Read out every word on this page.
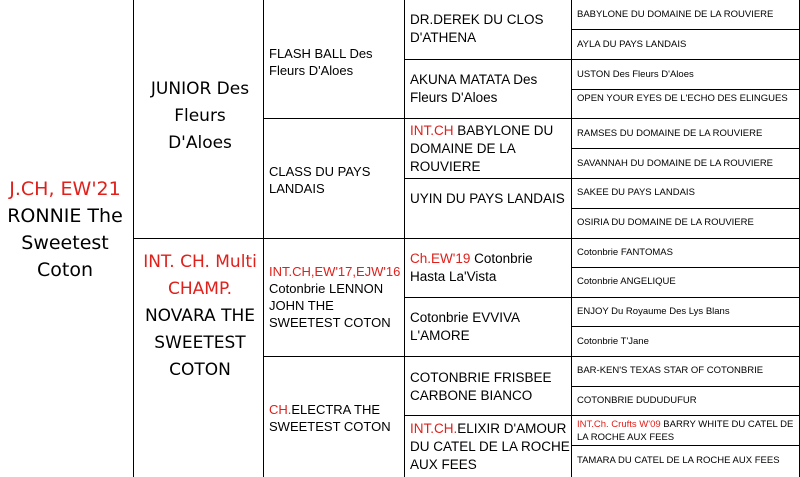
J.CH, EW'21
RONNIE The Sweetest Coton
JUNIOR Des Fleurs D'Aloes
INT. CH. Multi CHAMP. NOVARA THE SWEETEST COTON
FLASH BALL Des Fleurs D'Aloes
CLASS DU PAYS LANDAIS
INT.CH,EW'17,EJW'16 Cotonbrie LENNON JOHN THE SWEETEST COTON
CH.ELECTRA THE SWEETEST COTON
DR.DEREK DU CLOS D'ATHENA
AKUNA MATATA Des Fleurs D'Aloes
INT.CH BABYLONE DU DOMAINE DE LA ROUVIERE
UYIN DU PAYS LANDAIS
Ch.EW'19 Cotonbrie Hasta La'Vista
Cotonbrie EVVIVA L'AMORE
COTONBRIE FRISBEE CARBONE BIANCO
INT.CH.ELIXIR D'AMOUR DU CATEL DE LA ROCHE AUX FEES
BABYLONE DU DOMAINE DE LA ROUVIERE
AYLA DU PAYS LANDAIS
USTON Des Fleurs D'Aloes
OPEN YOUR EYES DE L'ECHO DES ELINGUES
RAMSES DU DOMAINE DE LA ROUVIERE
SAVANNAH DU DOMAINE DE LA ROUVIERE
SAKEE DU PAYS LANDAIS
OSIRIA DU DOMAINE DE LA ROUVIERE
Cotonbrie FANTOMAS
Cotonbrie ANGELIQUE
ENJOY Du Royaume Des Lys Blans
Cotonbrie T'Jane
BAR-KEN'S TEXAS STAR OF COTONBRIE
COTONBRIE DUDUDUFUR
INT.Ch. Crufts W'09 BARRY WHITE DU CATEL DE LA ROCHE AUX FEES
TAMARA DU CATEL DE LA ROCHE AUX FEES
